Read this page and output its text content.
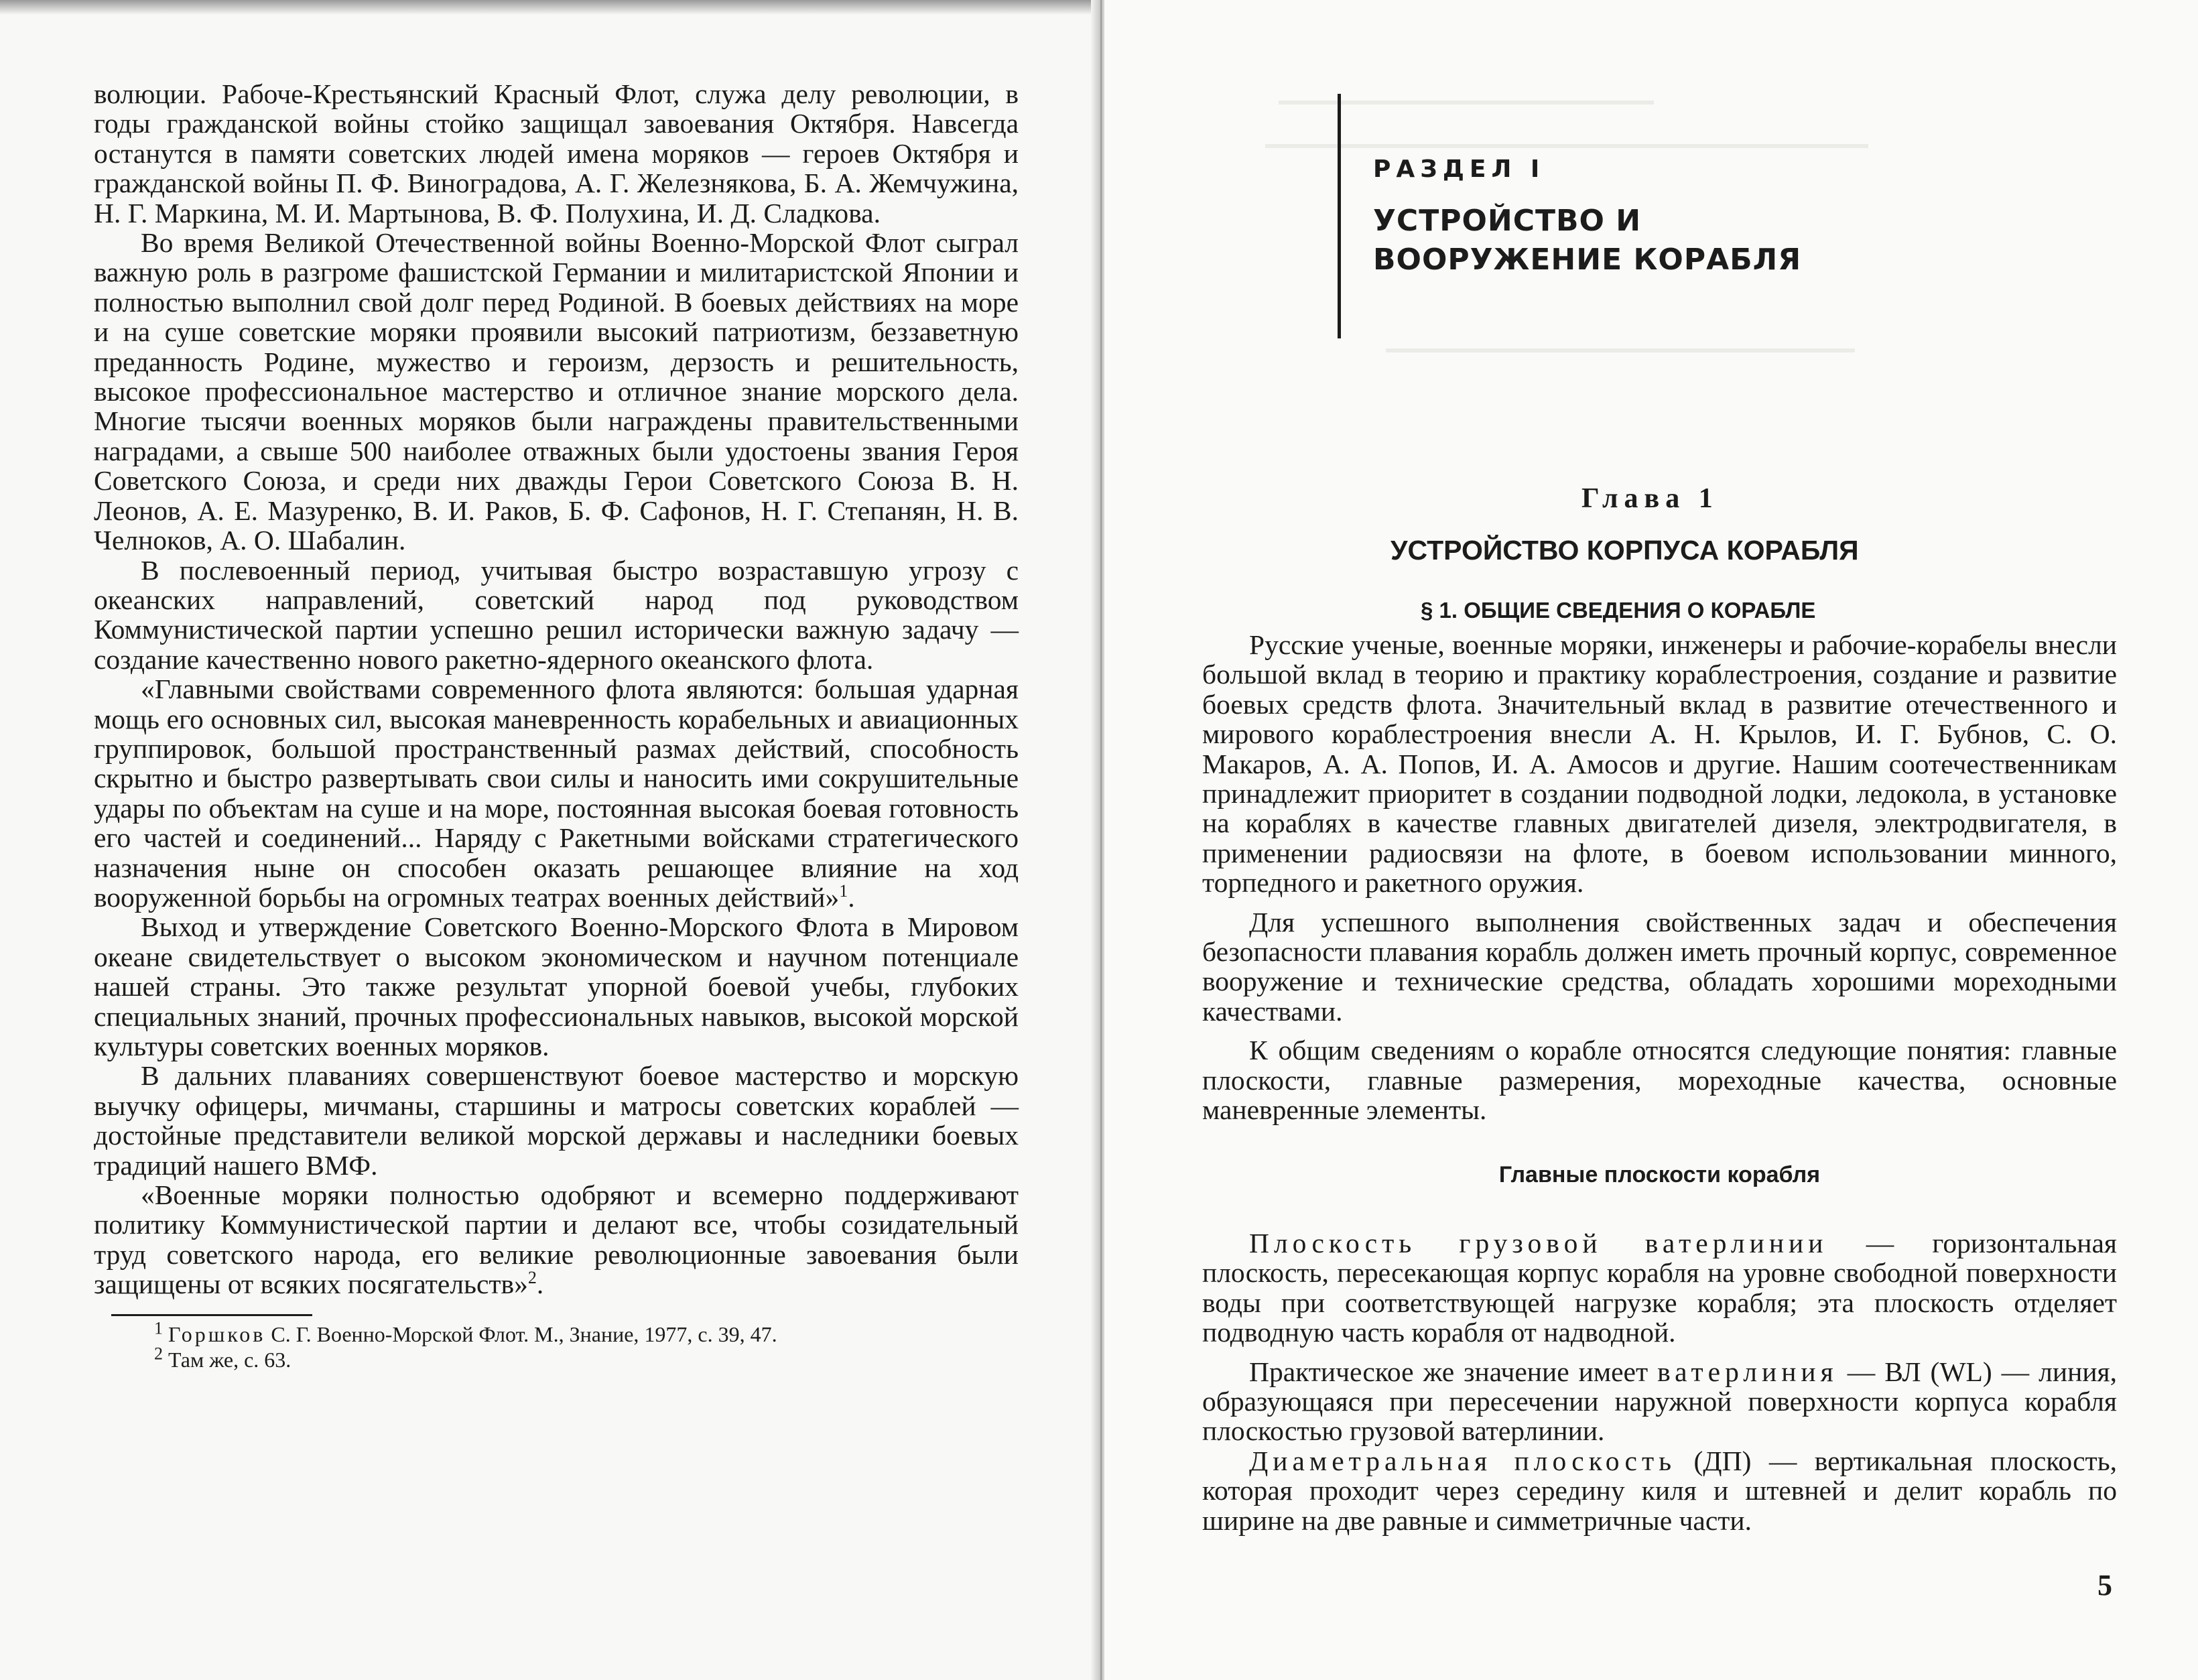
волюции. Рабоче-Крестьянский Красный Флот, служа делу революции, в годы гражданской войны стойко защищал завоевания Октября. Навсегда останутся в памяти советских людей имена моряков — героев Октября и гражданской войны П. Ф. Виноградова, А. Г. Железнякова, Б. А. Жемчужина, Н. Г. Маркина, М. И. Мартынова, В. Ф. Полухина, И. Д. Сладкова.

Во время Великой Отечественной войны Военно-Морской Флот сыграл важную роль в разгроме фашистской Германии и милитаристской Японии и полностью выполнил свой долг перед Родиной. В боевых действиях на море и на суше советские моряки проявили высокий патриотизм, беззаветную преданность Родине, мужество и героизм, дерзость и решительность, высокое профессиональное мастерство и отличное знание морского дела. Многие тысячи военных моряков были награждены правительственными наградами, а свыше 500 наиболее отважных были удостоены звания Героя Советского Союза, и среди них дважды Герои Советского Союза В. Н. Леонов, А. Е. Мазуренко, В. И. Раков, Б. Ф. Сафонов, Н. Г. Степанян, Н. В. Челноков, А. О. Шабалин.

В послевоенный период, учитывая быстро возраставшую угрозу с океанских направлений, советский народ под руководством Коммунистической партии успешно решил исторически важную задачу — создание качественно нового ракетно-ядерного океанского флота.

«Главными свойствами современного флота являются: большая ударная мощь его основных сил, высокая маневренность корабельных и авиационных группировок, большой пространственный размах действий, способность скрытно и быстро развертывать свои силы и наносить ими сокрушительные удары по объектам на суше и на море, постоянная высокая боевая готовность его частей и соединений... Наряду с Ракетными войсками стратегического назначения ныне он способен оказать решающее влияние на ход вооруженной борьбы на огромных театрах военных действий»$^1$.

Выход и утверждение Советского Военно-Морского Флота в Мировом океане свидетельствует о высоком экономическом и научном потенциале нашей страны. Это также результат упорной боевой учебы, глубоких специальных знаний, прочных профессиональных навыков, высокой морской культуры советских военных моряков.

В дальних плаваниях совершенствуют боевое мастерство и морскую выучку офицеры, мичманы, старшины и матросы советских кораблей — достойные представители великой морской державы и наследники боевых традиций нашего ВМФ.

«Военные моряки полностью одобряют и всемерно поддерживают политику Коммунистической партии и делают все, чтобы созидательный труд советского народа, его великие революционные завоевания были защищены от всяких посягательств»$^2$.

$^1$ Горшков С. Г. Военно-Морской Флот. М., Знание, 1977, с. 39, 47.

$^2$ Там же, с. 63.

РАЗДЕЛ I
УСТРОЙСТВО И
ВООРУЖЕНИЕ КОРАБЛЯ
Глава 1
УСТРОЙСТВО КОРПУСА КОРАБЛЯ
§ 1. ОБЩИЕ СВЕДЕНИЯ О КОРАБЛЕ

Русские ученые, военные моряки, инженеры и рабочие-корабелы внесли большой вклад в теорию и практику кораблестроения, создание и развитие боевых средств флота. Значительный вклад в развитие отечественного и мирового кораблестроения внесли А. Н. Крылов, И. Г. Бубнов, С. О. Макаров, А. А. Попов, И. А. Амосов и другие. Нашим соотечественникам принадлежит приоритет в создании подводной лодки, ледокола, в установке на кораблях в качестве главных двигателей дизеля, электродвигателя, в применении радиосвязи на флоте, в боевом использовании минного, торпедного и ракетного оружия.

Для успешного выполнения свойственных задач и обеспечения безопасности плавания корабль должен иметь прочный корпус, современное вооружение и технические средства, обладать хорошими мореходными качествами.

К общим сведениям о корабле относятся следующие понятия: главные плоскости, главные размерения, мореходные качества, основные маневренные элементы.

Главные плоскости корабля

Плоскость грузовой ватерлинии — горизонтальная плоскость, пересекающая корпус корабля на уровне свободной поверхности воды при соответствующей нагрузке корабля; эта плоскость отделяет подводную часть корабля от надводной.

Практическое же значение имеет ватерлиния — ВЛ (WL) — линия, образующаяся при пересечении наружной поверхности корпуса корабля плоскостью грузовой ватерлинии.

Диаметральная плоскость (ДП) — вертикальная плоскость, которая проходит через середину киля и штевней и делит корабль по ширине на две равные и симметричные части.

5
